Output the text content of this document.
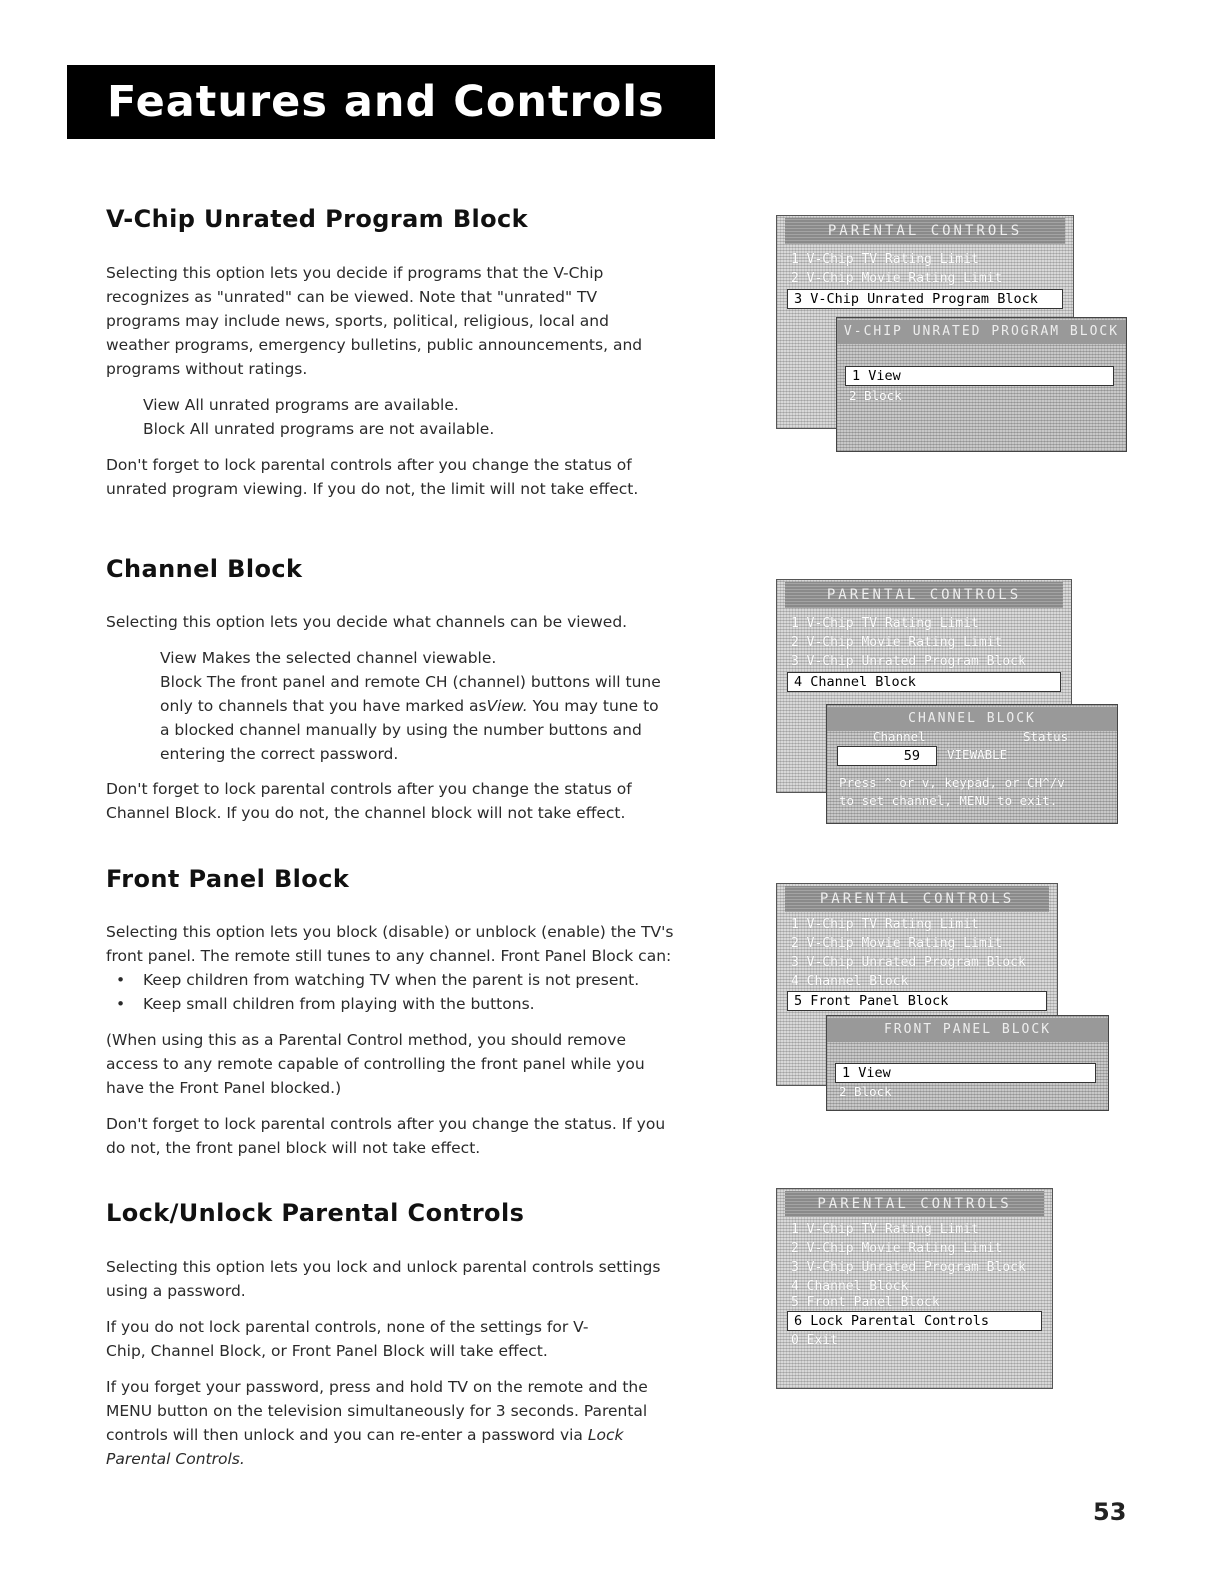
Features and Controls
V-Chip Unrated Program Block

Selecting this option lets you decide if programs that the V-Chip

recognizes as "unrated" can be viewed. Note that "unrated" TV

programs may include news, sports, political, religious, local and

weather programs, emergency bulletins, public announcements, and

programs without ratings.

View All unrated programs are available.

Block All unrated programs are not available.

Don't forget to lock parental controls after you change the status of

unrated program viewing. If you do not, the limit will not take effect.

Channel Block

Selecting this option lets you decide what channels can be viewed.

View Makes the selected channel viewable.

Block The front panel and remote CH (channel) buttons will tune

only to channels that you have marked asView. You may tune to

a blocked channel manually by using the number buttons and

entering the correct password.

Don't forget to lock parental controls after you change the status of

Channel Block. If you do not, the channel block will not take effect.

Front Panel Block

Selecting this option lets you block (disable) or unblock (enable) the TV's

front panel. The remote still tunes to any channel. Front Panel Block can:

• Keep children from watching TV when the parent is not present.

• Keep small children from playing with the buttons.

(When using this as a Parental Control method, you should remove

access to any remote capable of controlling the front panel while you

have the Front Panel blocked.)

Don't forget to lock parental controls after you change the status. If you

do not, the front panel block will not take effect.

Lock/Unlock Parental Controls

Selecting this option lets you lock and unlock parental controls settings

using a password.

If you do not lock parental controls, none of the settings for V-

Chip, Channel Block, or Front Panel Block will take effect.

If you forget your password, press and hold TV on the remote and the

MENU button on the television simultaneously for 3 seconds. Parental

controls will then unlock and you can re-enter a password via Lock

Parental Controls.

PARENTAL CONTROLS
1 V-Chip TV Rating Limit
2 V-Chip Movie Rating Limit
3 V-Chip Unrated Program Block
V-CHIP UNRATED PROGRAM BLOCK
1 View
2 Block
PARENTAL CONTROLS
1 V-Chip TV Rating Limit
2 V-Chip Movie Rating Limit
3 V-Chip Unrated Program Block
4 Channel Block
CHANNEL BLOCK
Channel	Status
59	VIEWABLE
Press ^ or v, keypad, or CH^/v
to set channel, MENU to exit.
PARENTAL CONTROLS
1 V-Chip TV Rating Limit
2 V-Chip Movie Rating Limit
3 V-Chip Unrated Program Block
4 Channel Block
5 Front Panel Block
FRONT PANEL BLOCK
1 View
2 Block
PARENTAL CONTROLS
1 V-Chip TV Rating Limit
2 V-Chip Movie Rating Limit
3 V-Chip Unrated Program Block
4 Channel Block
5 Front Panel Block
6 Lock Parental Controls
0 Exit
53
